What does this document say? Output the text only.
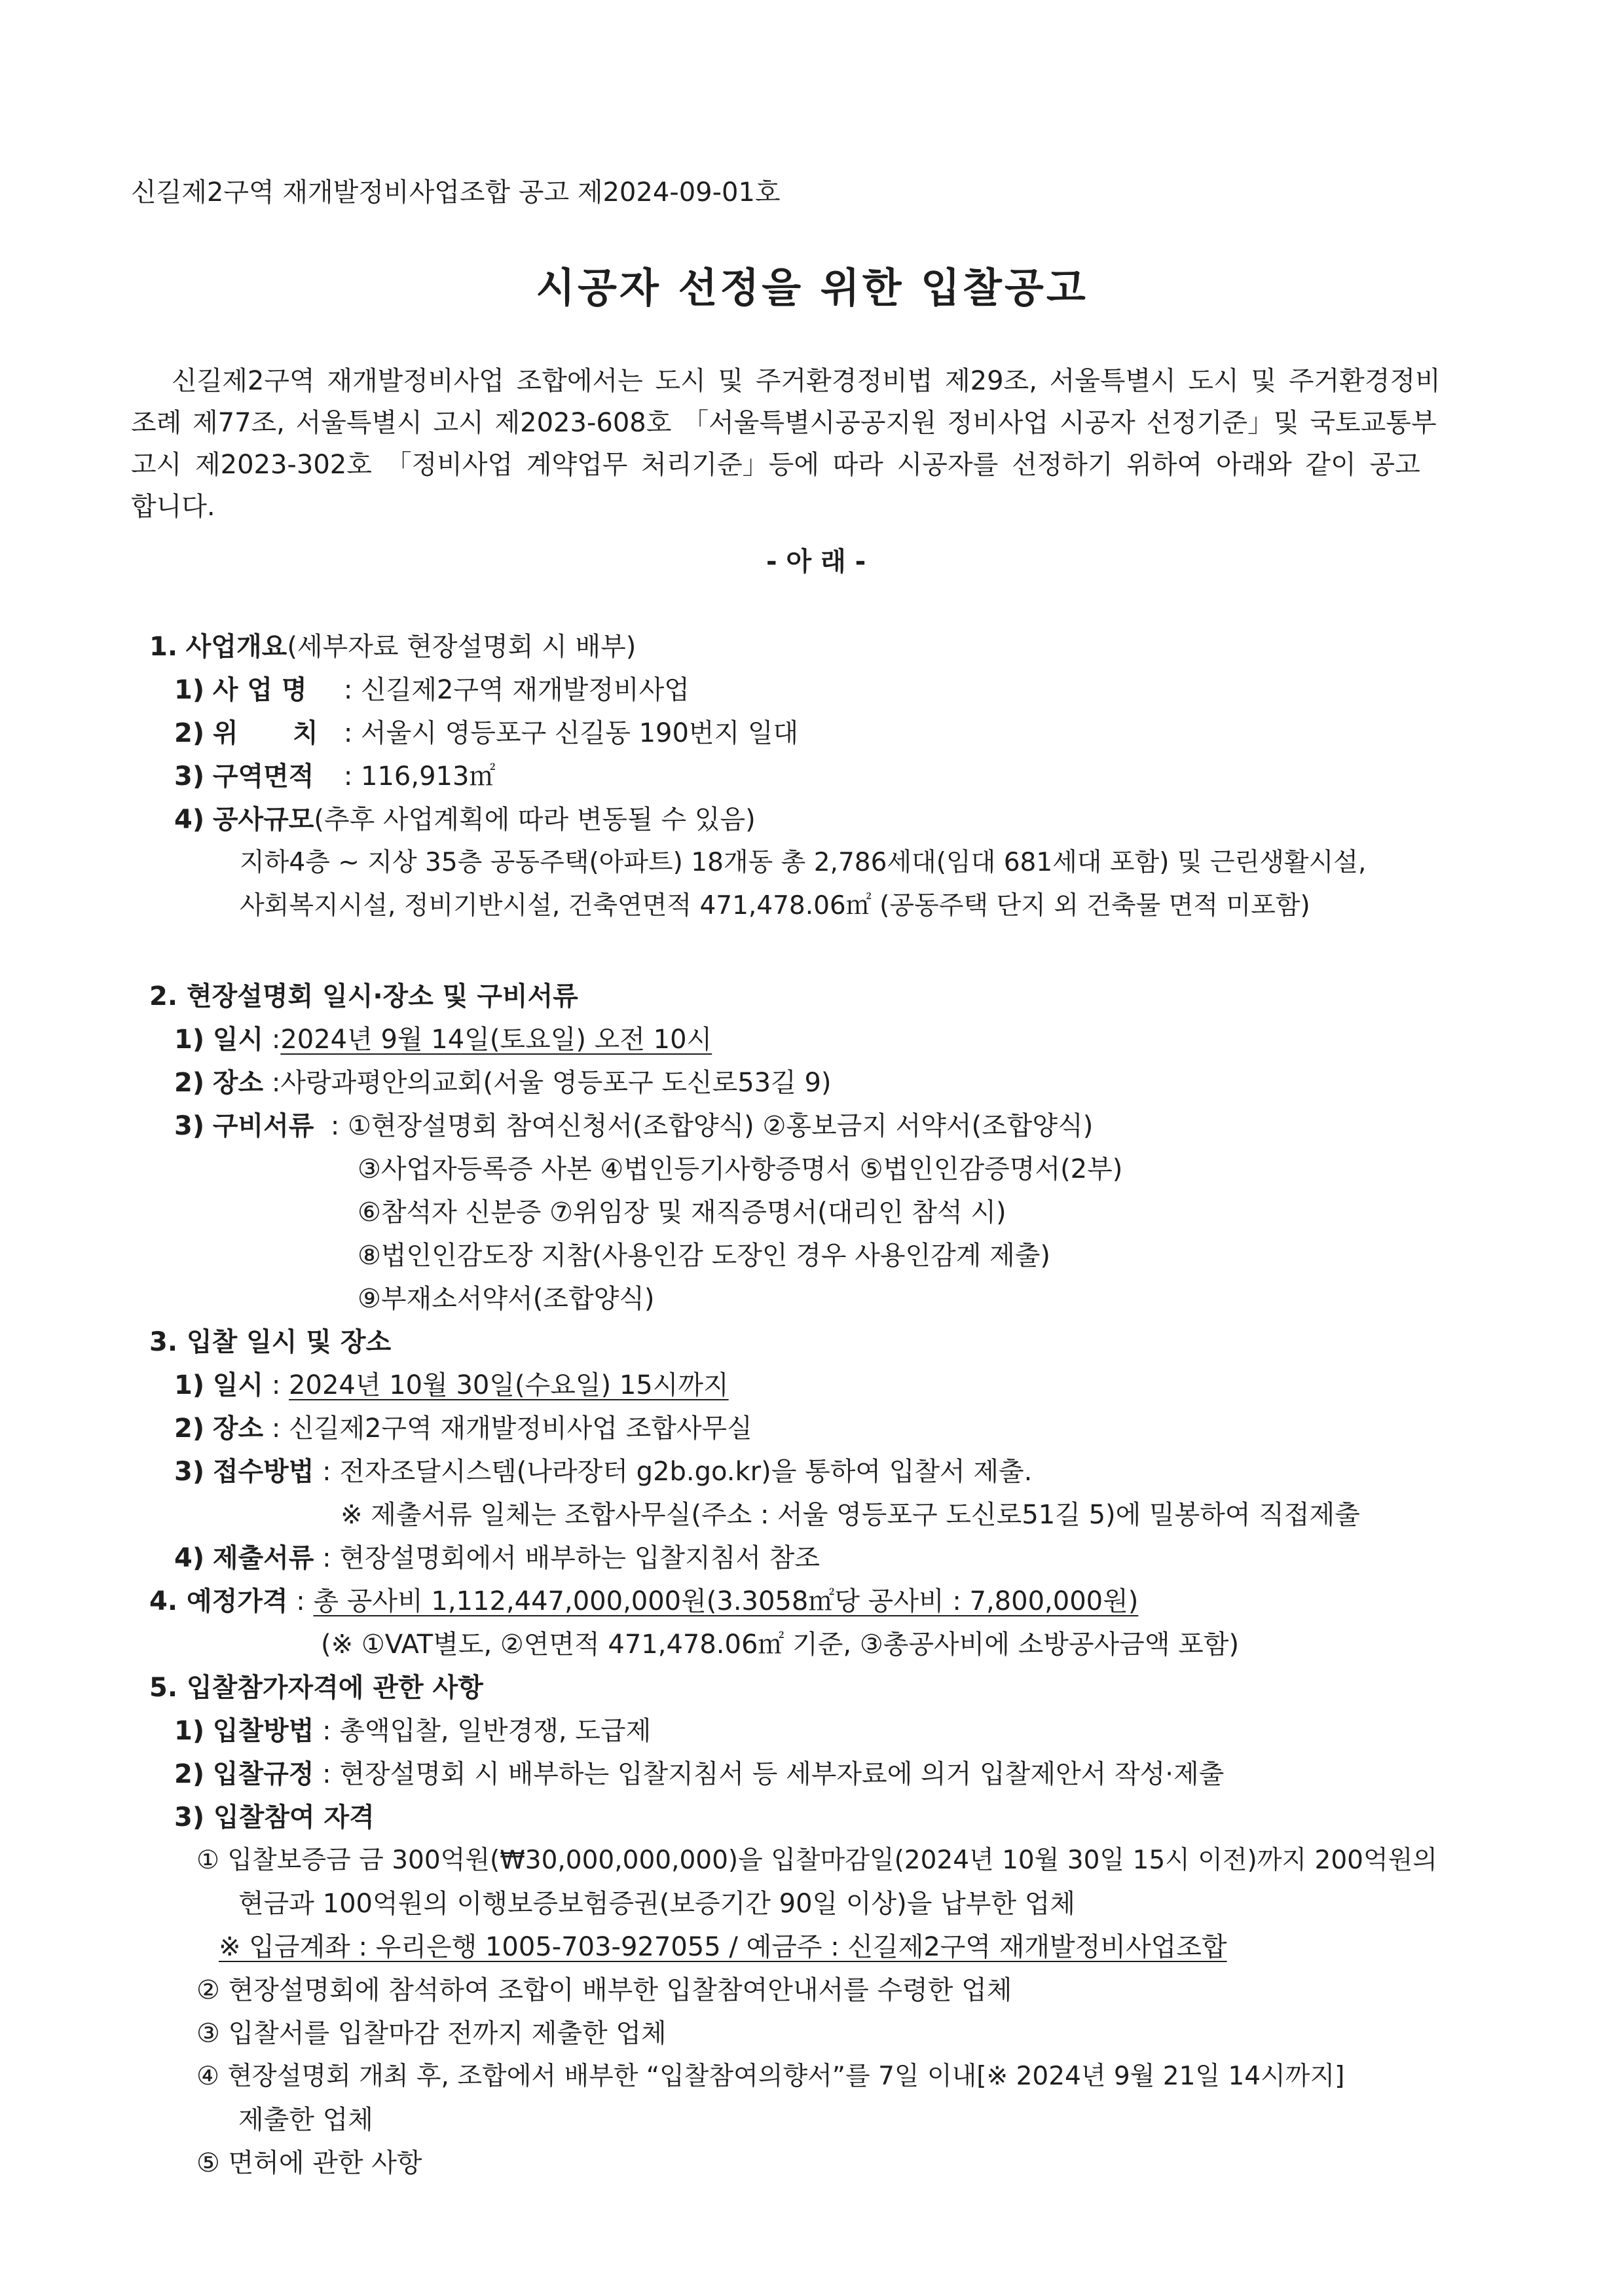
신길제2구역 재개발정비사업조합 공고 제2024-09-01호
시공자 선정을 위한 입찰공고
신길제2구역 재개발정비사업 조합에서는 도시 및 주거환경정비법 제29조, 서울특별시 도시 및 주거환경정비
조례 제77조, 서울특별시 고시 제2023-608호 「서울특별시공공지원 정비사업 시공자 선정기준」및 국토교통부
고시 제2023-302호 「정비사업 계약업무 처리기준」등에 따라 시공자를 선정하기 위하여 아래와 같이 공고
합니다.
- 아 래 -
1. 사업개요(세부자료 현장설명회 시 배부)
1) 사 업 명 : 신길제2구역 재개발정비사업
2) 위      치 : 서울시 영등포구 신길동 190번지 일대
3) 구역면적 : 116,913㎡
4) 공사규모(추후 사업계획에 따라 변동될 수 있음)
지하4층 ~ 지상 35층 공동주택(아파트) 18개동 총 2,786세대(임대 681세대 포함) 및 근린생활시설,
사회복지시설, 정비기반시설, 건축연면적 471,478.06㎡ (공동주택 단지 외 건축물 면적 미포함)
2. 현장설명회 일시·장소 및 구비서류
1) 일시 :2024년 9월 14일(토요일) 오전 10시
2) 장소 :사랑과평안의교회(서울 영등포구 도신로53길 9)
3) 구비서류 : ①현장설명회 참여신청서(조합양식) ②홍보금지 서약서(조합양식)
③사업자등록증 사본 ④법인등기사항증명서 ⑤법인인감증명서(2부)
⑥참석자 신분증 ⑦위임장 및 재직증명서(대리인 참석 시)
⑧법인인감도장 지참(사용인감 도장인 경우 사용인감계 제출)
⑨부재소서약서(조합양식)
3. 입찰 일시 및 장소
1) 일시 : 2024년 10월 30일(수요일) 15시까지
2) 장소 : 신길제2구역 재개발정비사업 조합사무실
3) 접수방법 : 전자조달시스템(나라장터 g2b.go.kr)을 통하여 입찰서 제출.
※ 제출서류 일체는 조합사무실(주소 : 서울 영등포구 도신로51길 5)에 밀봉하여 직접제출
4) 제출서류 : 현장설명회에서 배부하는 입찰지침서 참조
4. 예정가격 : 총 공사비 1,112,447,000,000원(3.3058㎡당 공사비 : 7,800,000원)
(※ ①VAT별도, ②연면적 471,478.06㎡ 기준, ③총공사비에 소방공사금액 포함)
5. 입찰참가자격에 관한 사항
1) 입찰방법 : 총액입찰, 일반경쟁, 도급제
2) 입찰규정 : 현장설명회 시 배부하는 입찰지침서 등 세부자료에 의거 입찰제안서 작성·제출
3) 입찰참여 자격
① 입찰보증금 금 300억원(₩30,000,000,000)을 입찰마감일(2024년 10월 30일 15시 이전)까지 200억원의
현금과 100억원의 이행보증보험증권(보증기간 90일 이상)을 납부한 업체
※ 입금계좌 : 우리은행 1005-703-927055 / 예금주 : 신길제2구역 재개발정비사업조합
② 현장설명회에 참석하여 조합이 배부한 입찰참여안내서를 수령한 업체
③ 입찰서를 입찰마감 전까지 제출한 업체
④ 현장설명회 개최 후, 조합에서 배부한 “입찰참여의향서”를 7일 이내[※ 2024년 9월 21일 14시까지]
제출한 업체
⑤ 면허에 관한 사항
